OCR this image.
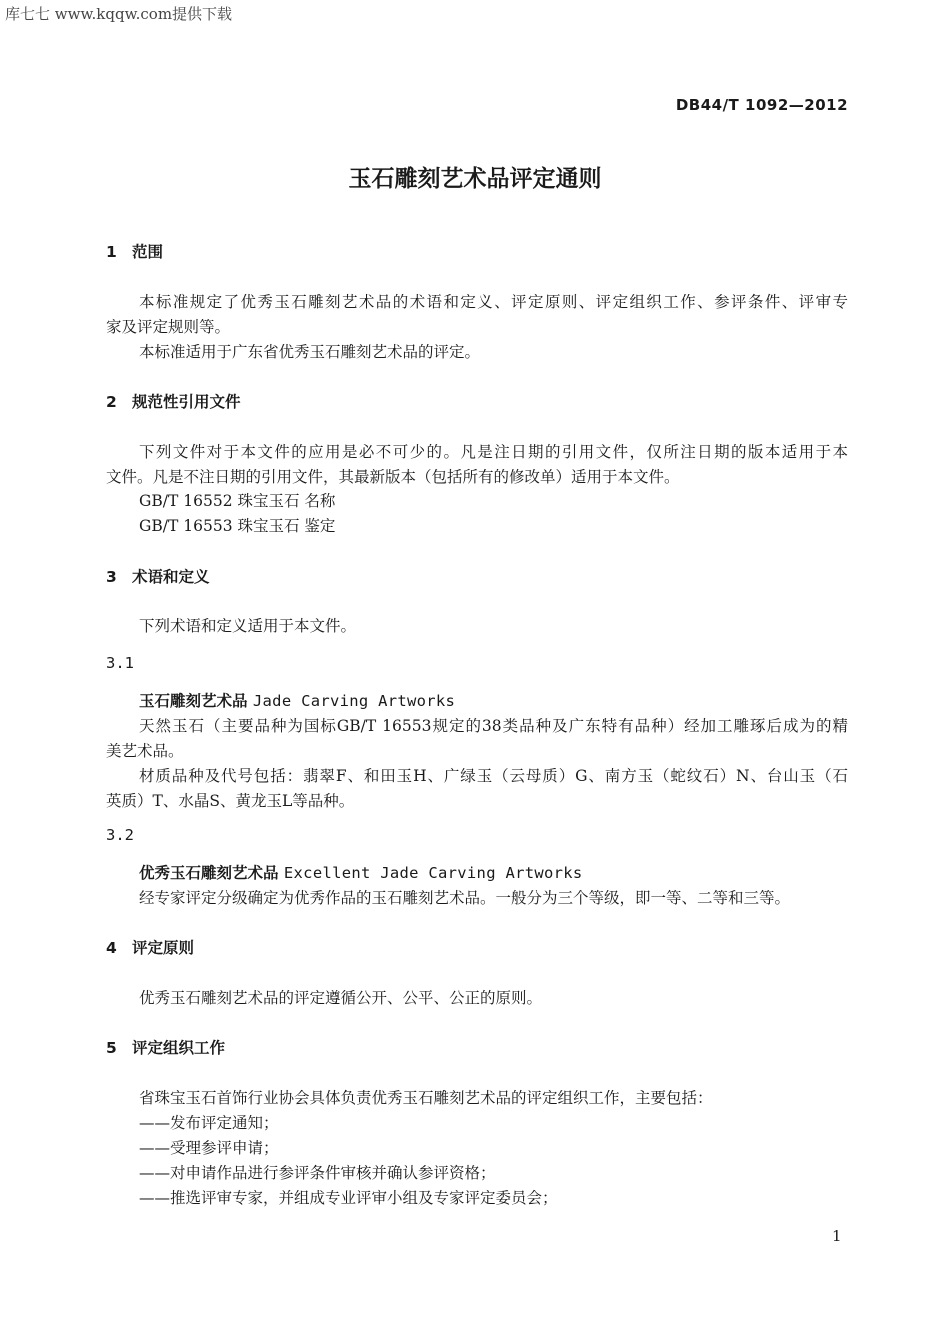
库七七 www.kqqw.com提供下载
DB44/T 1092—2012
玉石雕刻艺术品评定通则
1 范围
本标准规定了优秀玉石雕刻艺术品的术语和定义、评定原则、评定组织工作、参评条件、评审专
家及评定规则等。
本标准适用于广东省优秀玉石雕刻艺术品的评定。
2 规范性引用文件
下列文件对于本文件的应用是必不可少的。凡是注日期的引用文件，仅所注日期的版本适用于本
文件。凡是不注日期的引用文件，其最新版本（包括所有的修改单）适用于本文件。
GB/T 16552 珠宝玉石 名称
GB/T 16553 珠宝玉石 鉴定
3 术语和定义
下列术语和定义适用于本文件。
3.1
玉石雕刻艺术品 Jade Carving Artworks
天然玉石（主要品种为国标GB/T 16553规定的38类品种及广东特有品种）经加工雕琢后成为的精
美艺术品。
材质品种及代号包括：翡翠F、和田玉H、广绿玉（云母质）G、南方玉（蛇纹石）N、台山玉（石
英质）T、水晶S、黄龙玉L等品种。
3.2
优秀玉石雕刻艺术品 Excellent Jade Carving Artworks
经专家评定分级确定为优秀作品的玉石雕刻艺术品。一般分为三个等级，即一等、二等和三等。
4 评定原则
优秀玉石雕刻艺术品的评定遵循公开、公平、公正的原则。
5 评定组织工作
省珠宝玉石首饰行业协会具体负责优秀玉石雕刻艺术品的评定组织工作，主要包括：
——发布评定通知；
——受理参评申请；
——对申请作品进行参评条件审核并确认参评资格；
——推选评审专家，并组成专业评审小组及专家评定委员会；
1
